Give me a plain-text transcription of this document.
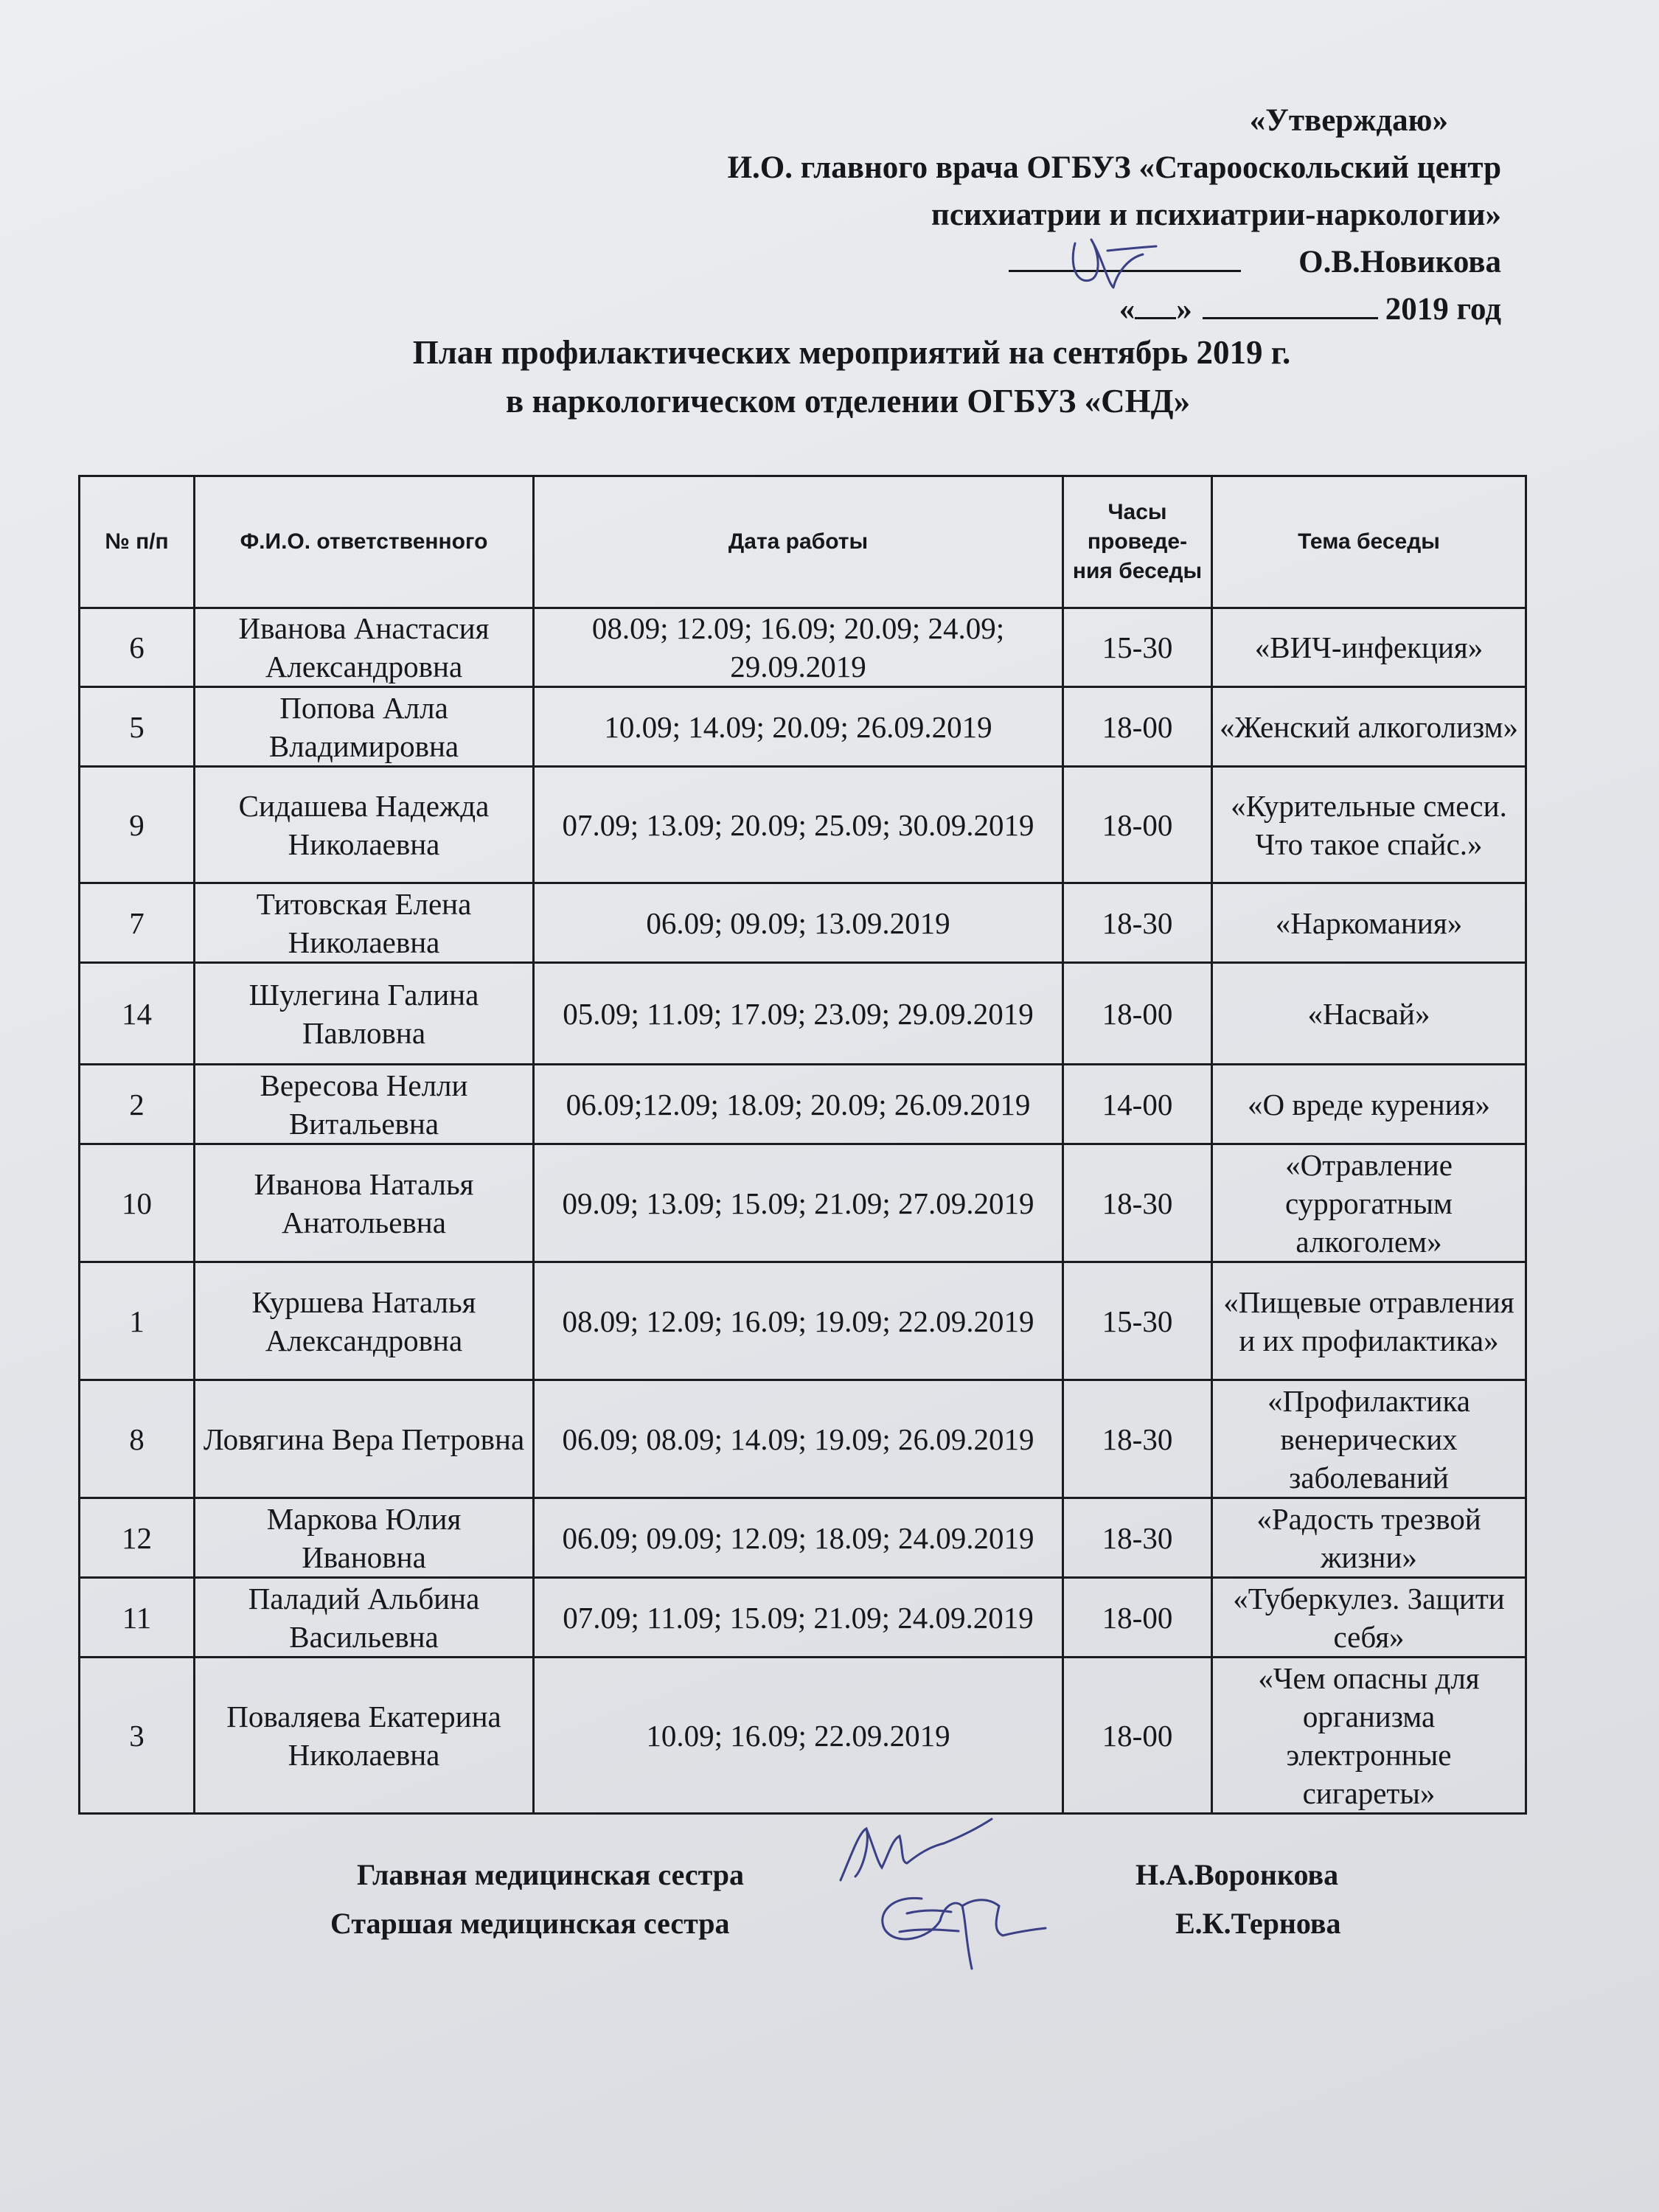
«Утверждаю»
И.О. главного врача ОГБУЗ «Старооскольский центр
психиатрии и психиатрии-наркологии»
О.В.Новикова
« »	2019 год
План профилактических мероприятий на сентябрь 2019 г.
в наркологическом отделении ОГБУЗ «СНД»
№ п/п	Ф.И.О. ответственного	Дата работы	Часы проведе-ния беседы	Тема беседы
6	Иванова Анастасия Александровна	08.09; 12.09; 16.09; 20.09; 24.09; 29.09.2019	15-30	«ВИЧ-инфекция»
5	Попова Алла Владимировна	10.09; 14.09; 20.09; 26.09.2019	18-00	«Женский алкоголизм»
9	Сидашева Надежда Николаевна	07.09; 13.09; 20.09; 25.09; 30.09.2019	18-00	«Курительные смеси. Что такое спайс.»
7	Титовская Елена Николаевна	06.09; 09.09; 13.09.2019	18-30	«Наркомания»
14	Шулегина Галина Павловна	05.09; 11.09; 17.09; 23.09; 29.09.2019	18-00	«Насвай»
2	Вересова Нелли Витальевна	06.09;12.09; 18.09; 20.09; 26.09.2019	14-00	«О вреде курения»
10	Иванова Наталья Анатольевна	09.09; 13.09; 15.09; 21.09; 27.09.2019	18-30	«Отравление суррогатным алкоголем»
1	Куршева Наталья Александровна	08.09; 12.09; 16.09; 19.09; 22.09.2019	15-30	«Пищевые отравления и их профилактика»
8	Ловягина Вера Петровна	06.09; 08.09; 14.09; 19.09; 26.09.2019	18-30	«Профилактика венерических заболеваний
12	Маркова Юлия Ивановна	06.09; 09.09; 12.09; 18.09; 24.09.2019	18-30	«Радость трезвой жизни»
11	Паладий Альбина Васильевна	07.09; 11.09; 15.09; 21.09; 24.09.2019	18-00	«Туберкулез. Защити себя»
3	Поваляева Екатерина Николаевна	10.09; 16.09; 22.09.2019	18-00	«Чем опасны для организма электронные сигареты»
Главная медицинская сестра	Н.А.Воронкова
Старшая медицинская сестра	Е.К.Тернова
